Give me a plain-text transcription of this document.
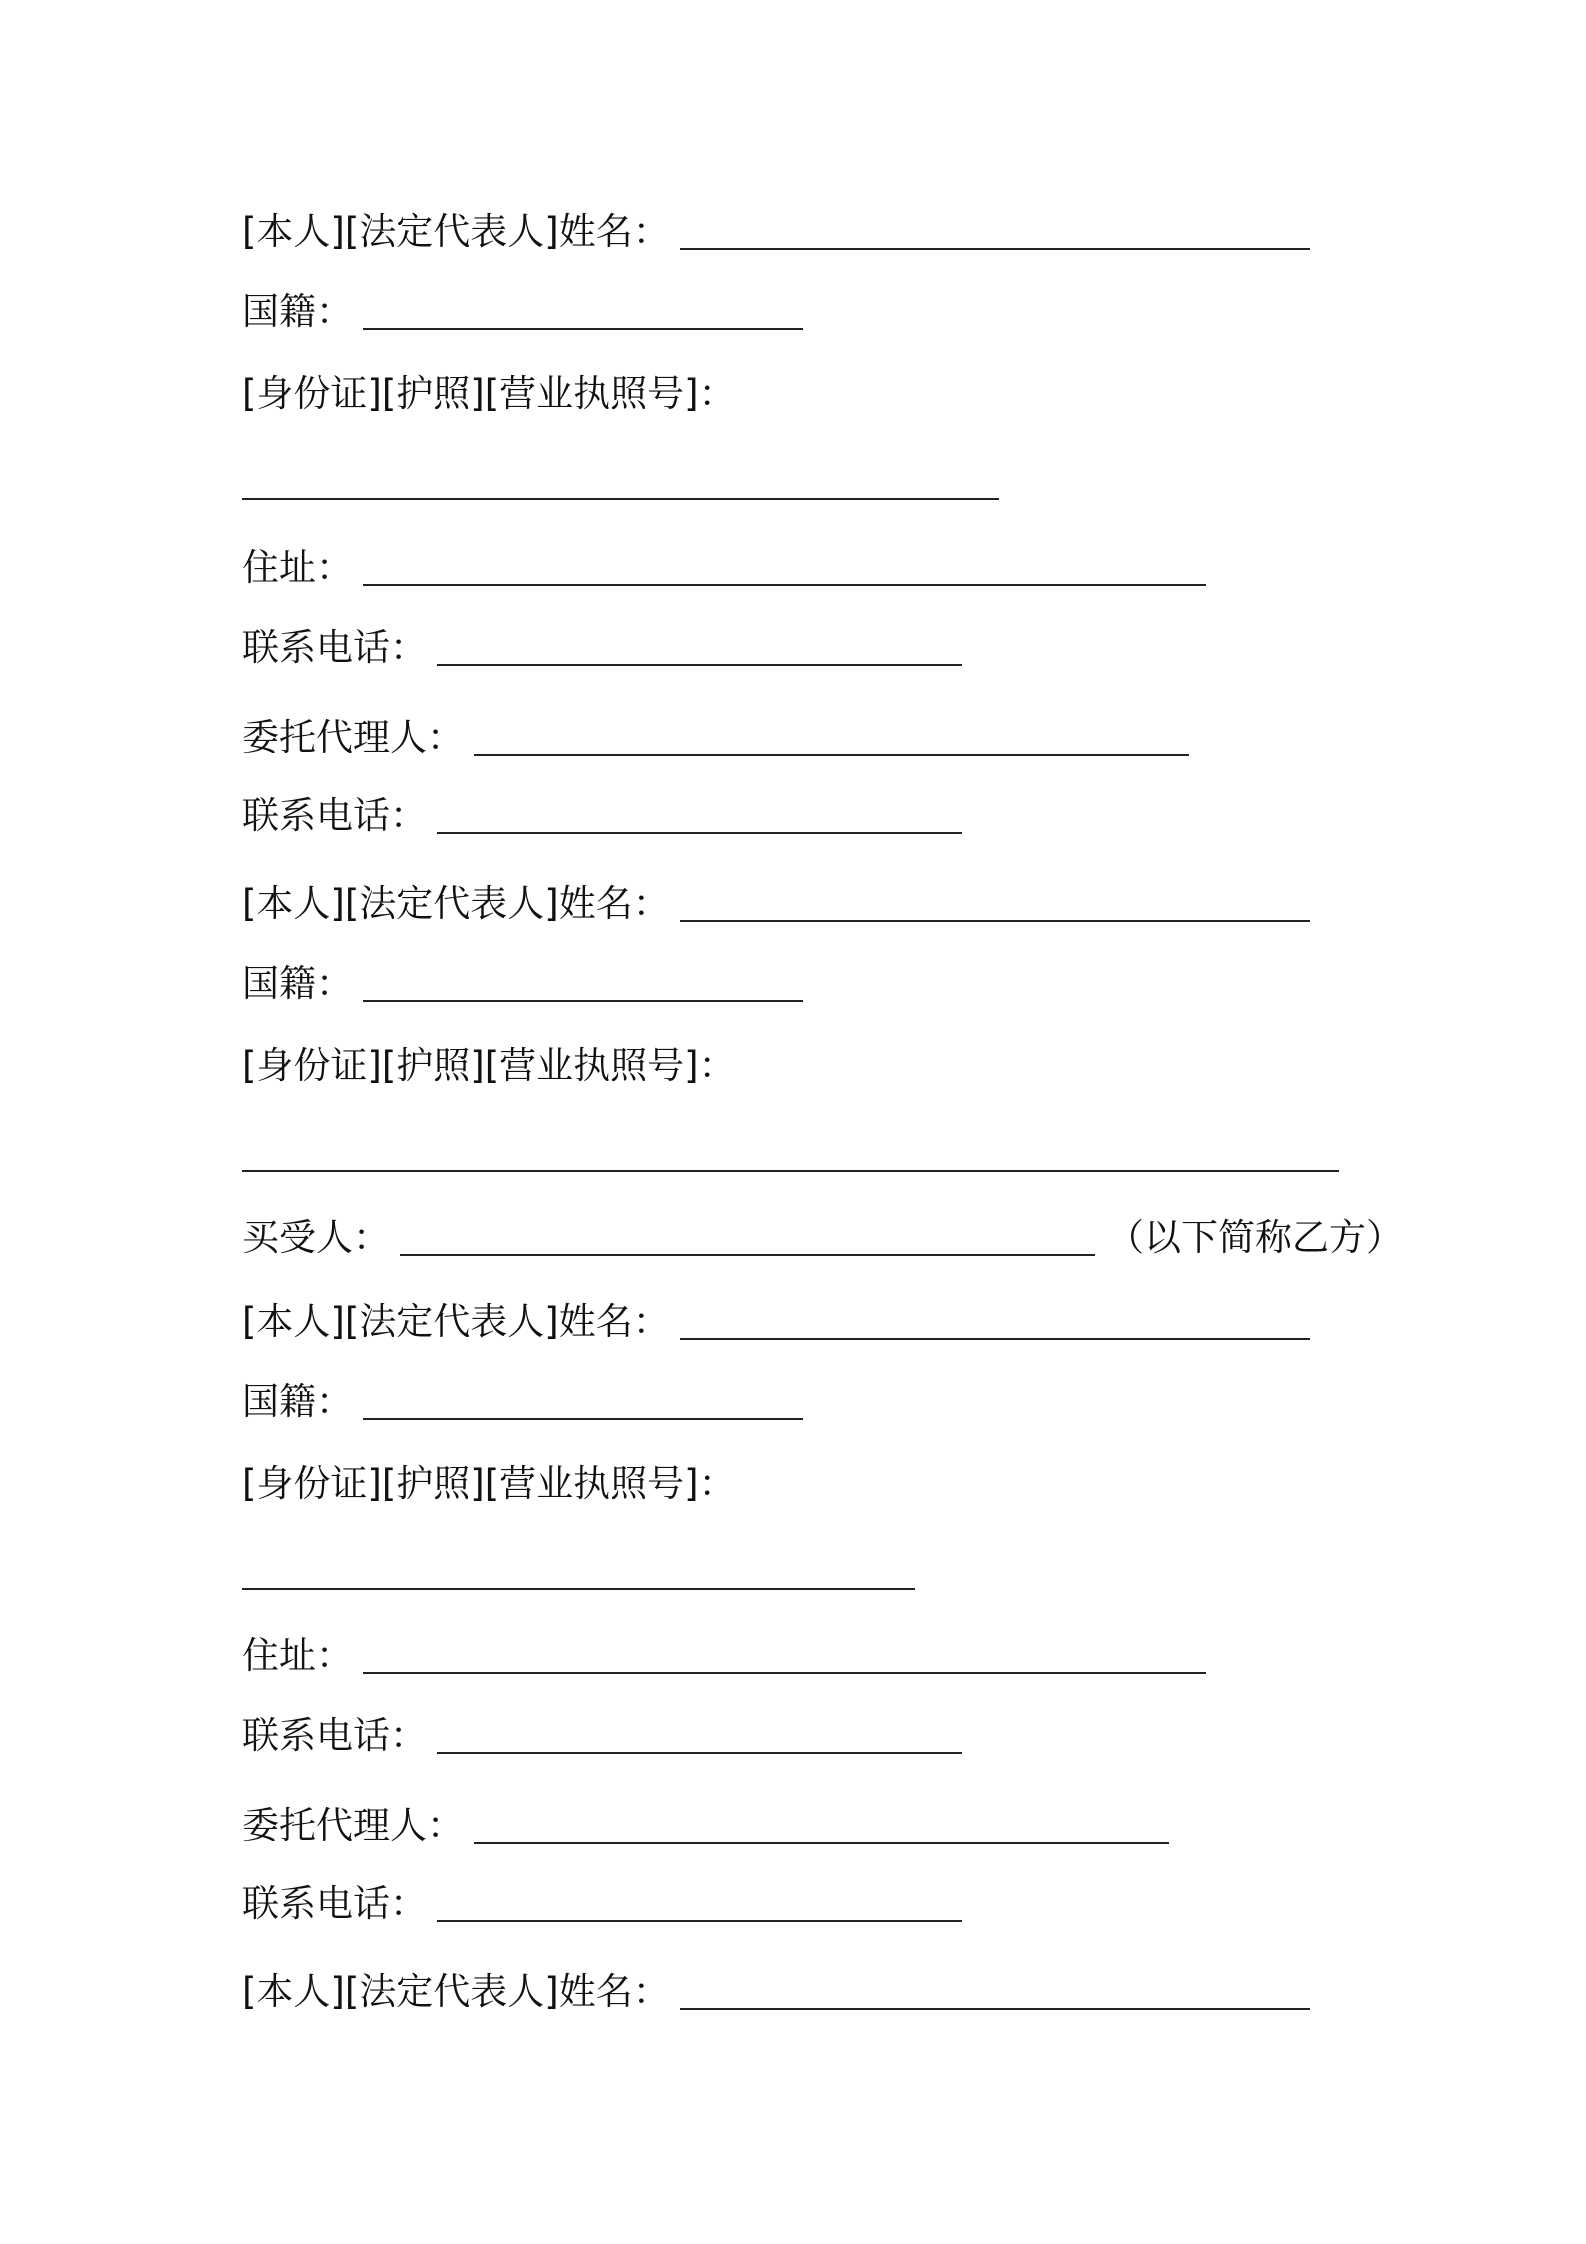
[本人][法定代表人]姓名：
国籍：
[身份证][护照][营业执照号]：
住址：
联系电话：
委托代理人：
联系电话：
[本人][法定代表人]姓名：
国籍：
[身份证][护照][营业执照号]：
买受人：	（以下简称乙方）
[本人][法定代表人]姓名：
国籍：
[身份证][护照][营业执照号]：
住址：
联系电话：
委托代理人：
联系电话：
[本人][法定代表人]姓名：
